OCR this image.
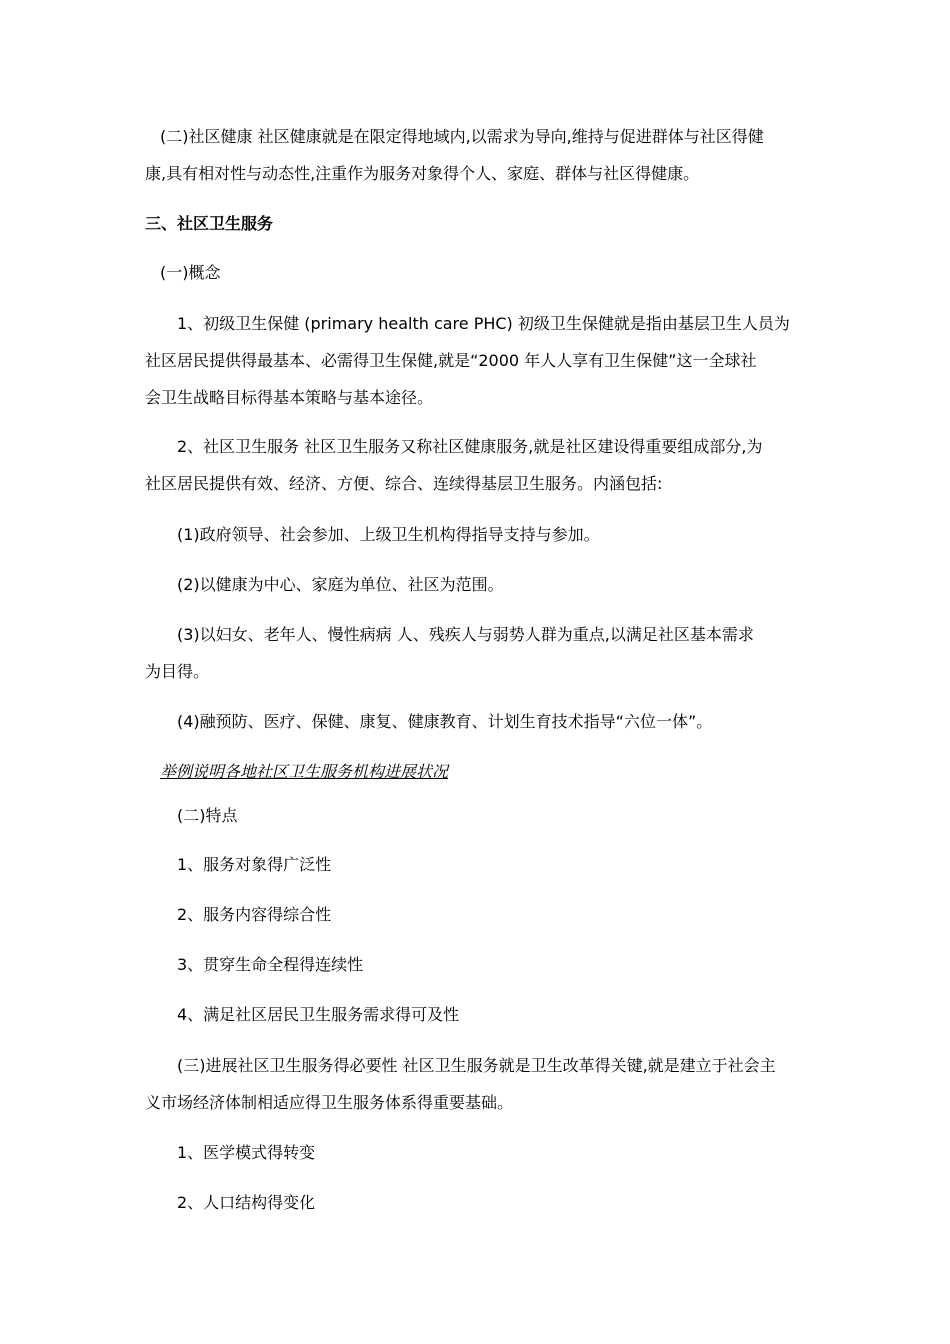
(二)社区健康 社区健康就是在限定得地域内,以需求为导向,维持与促进群体与社区得健
康,具有相对性与动态性,注重作为服务对象得个人、家庭、群体与社区得健康。
三、社区卫生服务
(一)概念
1、初级卫生保健 (primary health care PHC) 初级卫生保健就是指由基层卫生人员为
社区居民提供得最基本、必需得卫生保健,就是“2000 年人人享有卫生保健”这一全球社
会卫生战略目标得基本策略与基本途径。
2、社区卫生服务 社区卫生服务又称社区健康服务,就是社区建设得重要组成部分,为
社区居民提供有效、经济、方便、综合、连续得基层卫生服务。内涵包括:
(1)政府领导、社会参加、上级卫生机构得指导支持与参加。
(2)以健康为中心、家庭为单位、社区为范围。
(3)以妇女、老年人、慢性病病 人、残疾人与弱势人群为重点,以满足社区基本需求
为目得。
(4)融预防、医疗、保健、康复、健康教育、计划生育技术指导“六位一体”。
举例说明各地社区卫生服务机构进展状况
(二)特点
1、服务对象得广泛性
2、服务内容得综合性
3、贯穿生命全程得连续性
4、满足社区居民卫生服务需求得可及性
(三)进展社区卫生服务得必要性 社区卫生服务就是卫生改革得关键,就是建立于社会主
义市场经济体制相适应得卫生服务体系得重要基础。
1、医学模式得转变
2、人口结构得变化
